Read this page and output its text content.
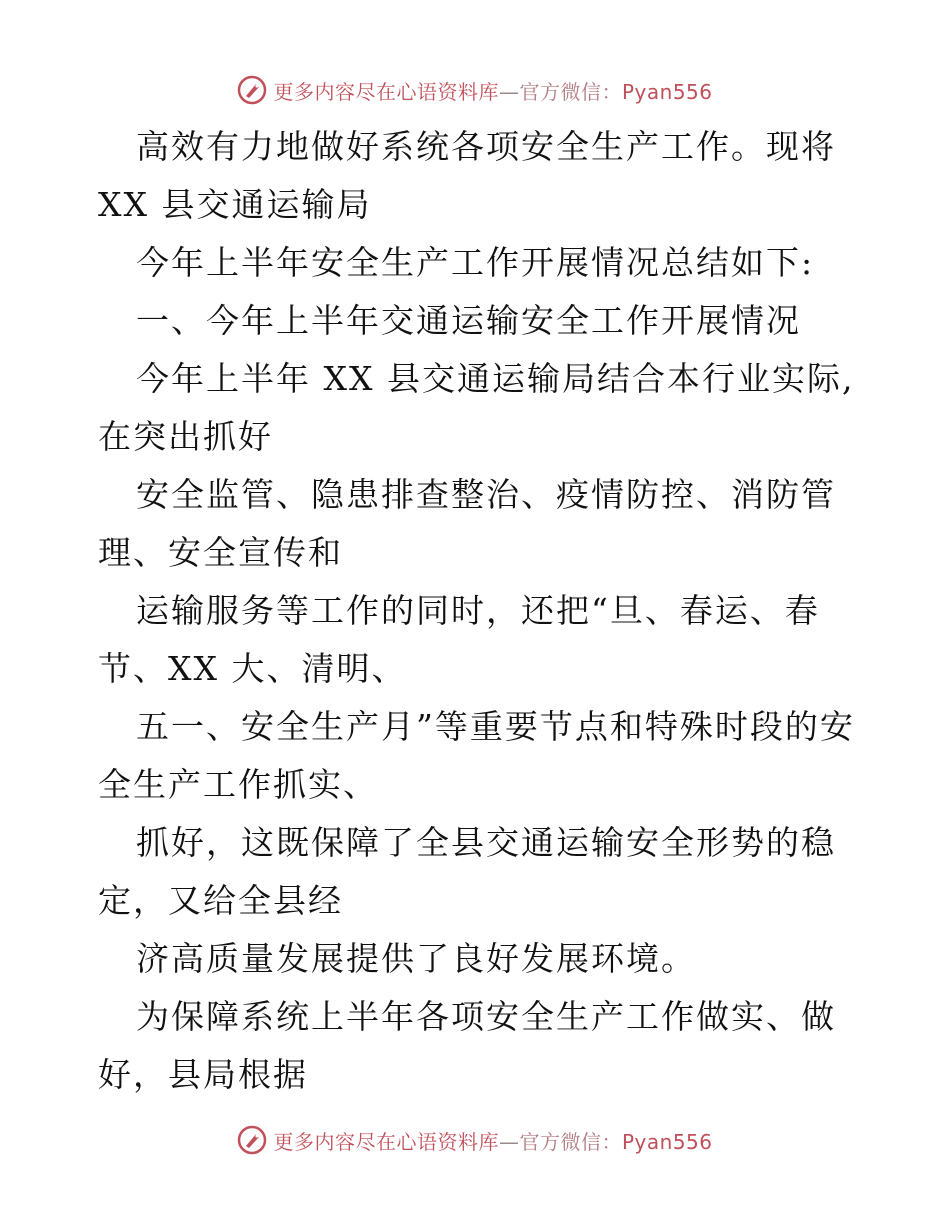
更多内容尽在心语资料库—官方微信：Pyan556
高效有力地做好系统各项安全生产工作。现将
XX 县交通运输局
今年上半年安全生产工作开展情况总结如下:
一、今年上半年交通运输安全工作开展情况
今年上半年 XX 县交通运输局结合本行业实际,
在突出抓好
安全监管、隐患排查整治、疫情防控、消防管
理、安全宣传和
运输服务等工作的同时，还把“旦、春运、春
节、XX 大、清明、
五一、安全生产月”等重要节点和特殊时段的安
全生产工作抓实、
抓好，这既保障了全县交通运输安全形势的稳
定，又给全县经
济高质量发展提供了良好发展环境。
为保障系统上半年各项安全生产工作做实、做
好，县局根据
更多内容尽在心语资料库—官方微信：Pyan556
